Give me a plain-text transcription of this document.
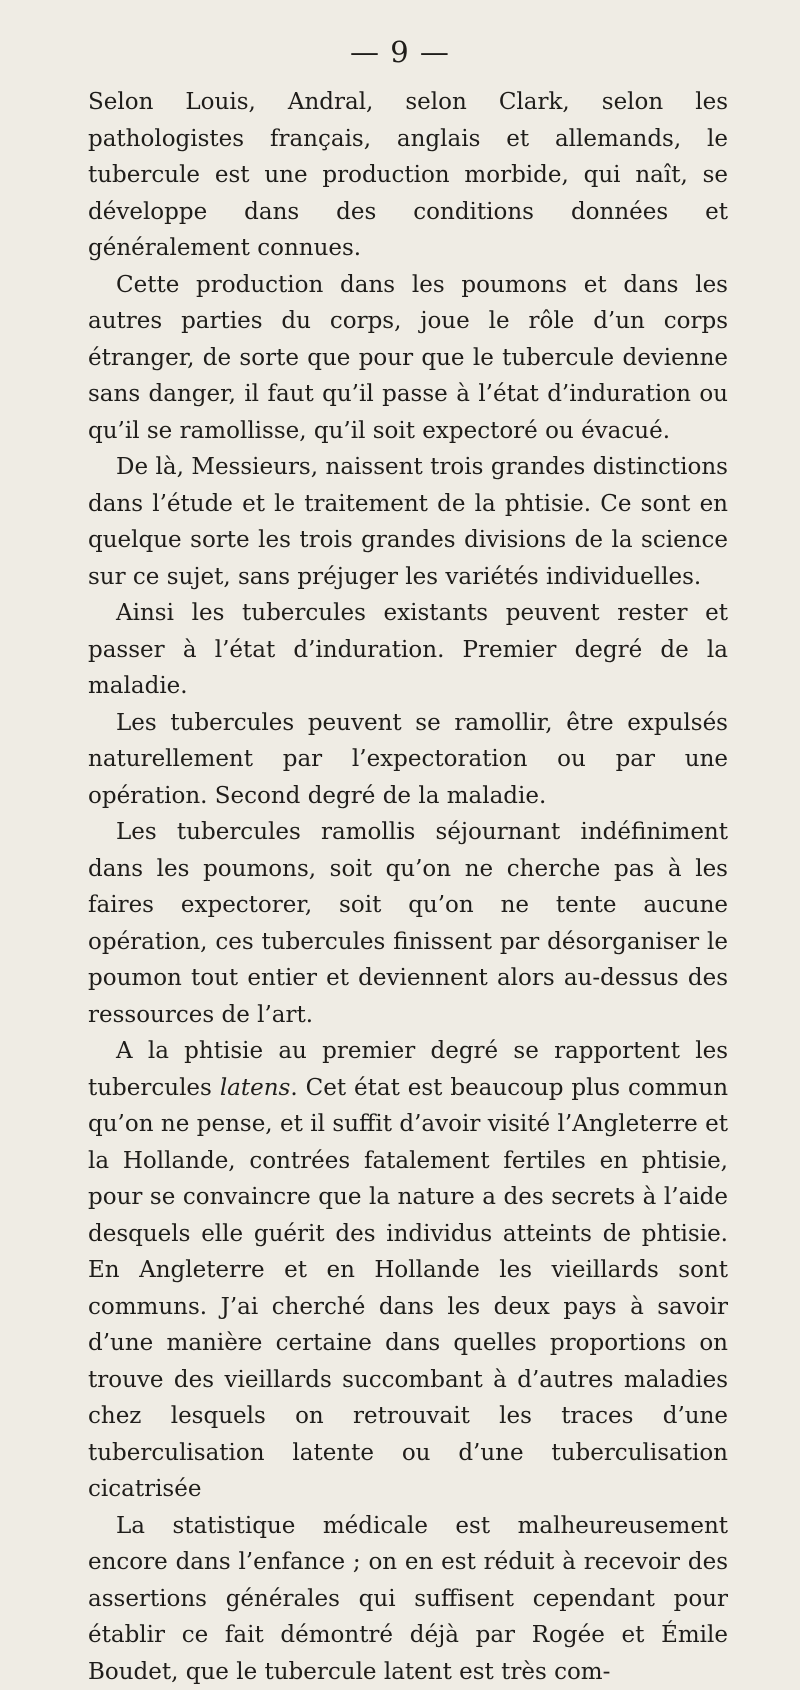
— 9 —

Selon Louis, Andral, selon Clark, selon les pathologistes français, anglais et allemands, le tubercule est une production morbide, qui naît, se développe dans des conditions données et généralement connues.

Cette production dans les poumons et dans les autres parties du corps, joue le rôle d’un corps étranger, de sorte que pour que le tubercule devienne sans danger, il faut qu’il passe à l’état d’induration ou qu’il se ramollisse, qu’il soit expectoré ou évacué.

De là, Messieurs, naissent trois grandes distinctions dans l’étude et le traitement de la phtisie. Ce sont en quelque sorte les trois grandes divisions de la science sur ce sujet, sans préjuger les variétés individuelles.

Ainsi les tubercules existants peuvent rester et passer à l’état d’induration. Premier degré de la maladie.

Les tubercules peuvent se ramollir, être expulsés naturellement par l’expectoration ou par une opération. Second degré de la maladie.

Les tubercules ramollis séjournant indéfiniment dans les poumons, soit qu’on ne cherche pas à les faires expectorer, soit qu’on ne tente aucune opération, ces tubercules finissent par désorganiser le poumon tout entier et deviennent alors au-dessus des ressources de l’art.

A la phtisie au premier degré se rapportent les tubercules latens. Cet état est beaucoup plus commun qu’on ne pense, et il suffit d’avoir visité l’Angleterre et la Hollande, contrées fatalement fertiles en phtisie, pour se convaincre que la nature a des secrets à l’aide desquels elle guérit des individus atteints de phtisie. En Angleterre et en Hollande les vieillards sont communs. J’ai cherché dans les deux pays à savoir d’une manière certaine dans quelles proportions on trouve des vieillards succombant à d’autres maladies chez lesquels on retrouvait les traces d’une tuberculisation latente ou d’une tuberculisation cicatrisée

La statistique médicale est malheureusement encore dans l’enfance ; on en est réduit à recevoir des assertions générales qui suffisent cependant pour établir ce fait démontré déjà par Rogée et Émile Boudet, que le tubercule latent est très com-
